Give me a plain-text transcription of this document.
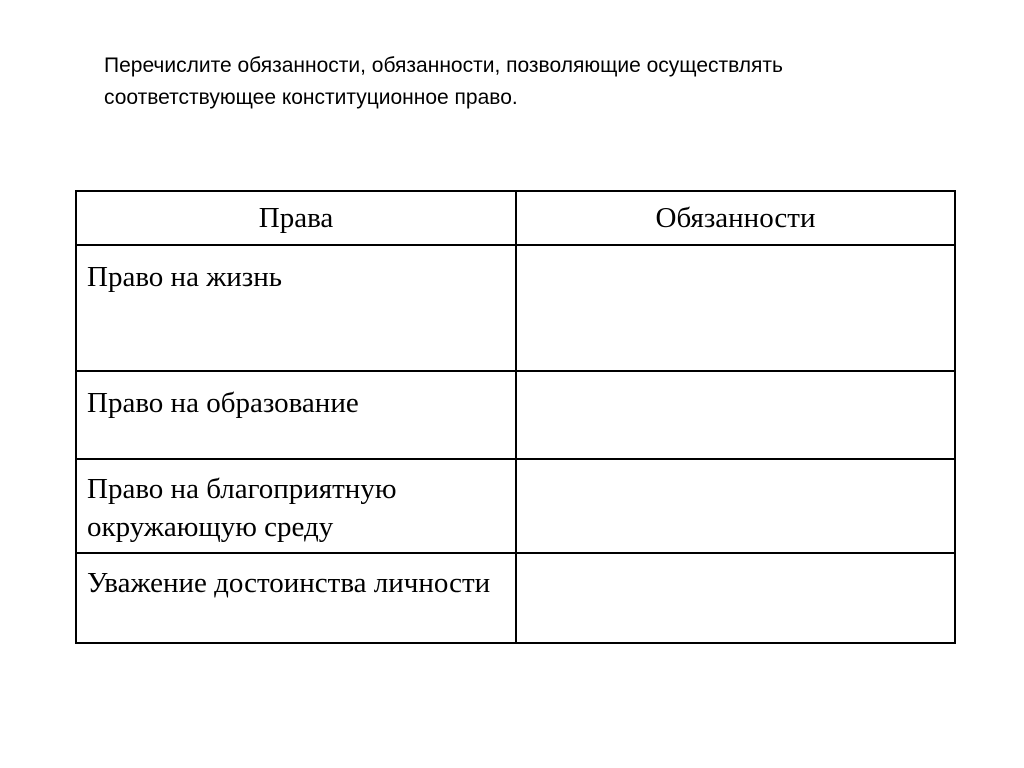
Перечислите обязанности, обязанности, позволяющие осуществлять
соответствующее конституционное право.

Права	Обязанности
Право на жизнь	
Право на образование	
Право на благоприятную окружающую среду	
Уважение достоинства личности	
